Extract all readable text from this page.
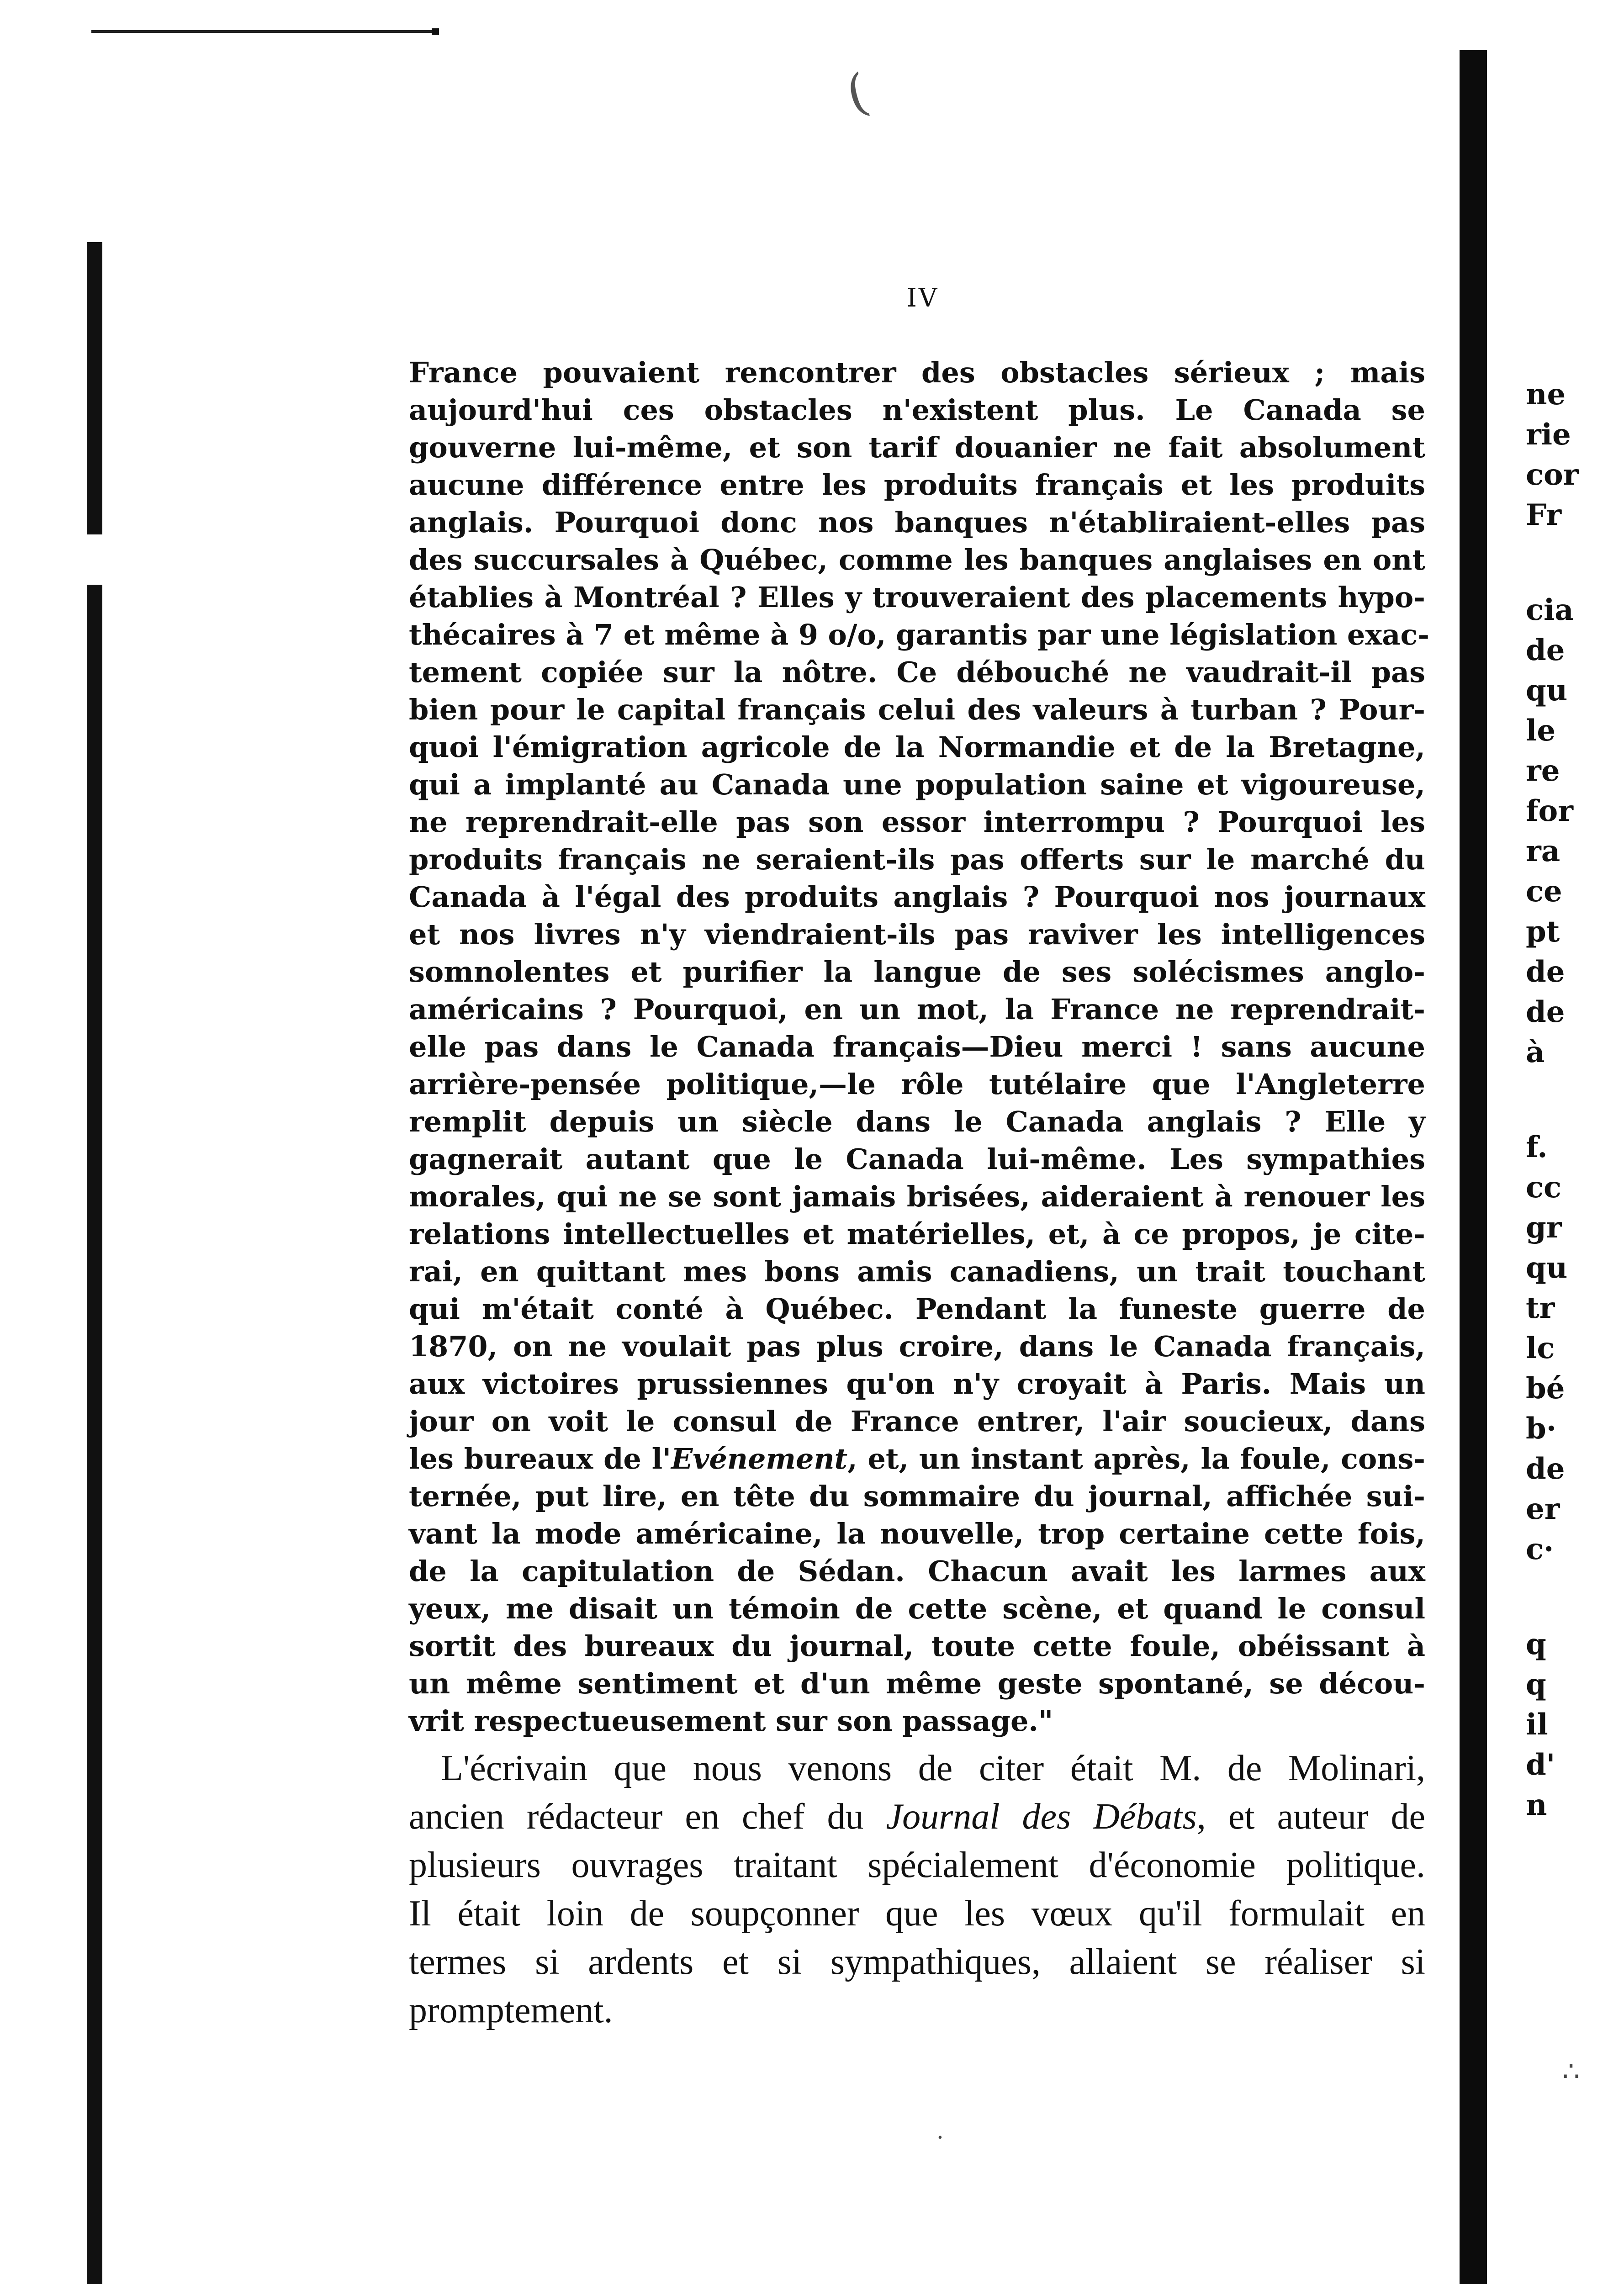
(
IV
France pouvaient rencontrer des obstacles sérieux ; mais
aujourd'hui ces obstacles n'existent plus. Le Canada se
gouverne lui-même, et son tarif douanier ne fait absolument
aucune différence entre les produits français et les produits
anglais. Pourquoi donc nos banques n'établiraient-elles pas
des succursales à Québec, comme les banques anglaises en ont
établies à Montréal ? Elles y trouveraient des placements hypo-
thécaires à 7 et même à 9 o/o, garantis par une législation exac-
tement copiée sur la nôtre. Ce débouché ne vaudrait-il pas
bien pour le capital français celui des valeurs à turban ? Pour-
quoi l'émigration agricole de la Normandie et de la Bretagne,
qui a implanté au Canada une population saine et vigoureuse,
ne reprendrait-elle pas son essor interrompu ? Pourquoi les
produits français ne seraient-ils pas offerts sur le marché du
Canada à l'égal des produits anglais ? Pourquoi nos journaux
et nos livres n'y viendraient-ils pas raviver les intelligences
somnolentes et purifier la langue de ses solécismes anglo-
américains ? Pourquoi, en un mot, la France ne reprendrait-
elle pas dans le Canada français—Dieu merci ! sans aucune
arrière-pensée politique,—le rôle tutélaire que l'Angleterre
remplit depuis un siècle dans le Canada anglais ? Elle y
gagnerait autant que le Canada lui-même. Les sympathies
morales, qui ne se sont jamais brisées, aideraient à renouer les
relations intellectuelles et matérielles, et, à ce propos, je cite-
rai, en quittant mes bons amis canadiens, un trait touchant
qui m'était conté à Québec. Pendant la funeste guerre de
1870, on ne voulait pas plus croire, dans le Canada français,
aux victoires prussiennes qu'on n'y croyait à Paris. Mais un
jour on voit le consul de France entrer, l'air soucieux, dans
les bureaux de l'Evénement, et, un instant après, la foule, cons-
ternée, put lire, en tête du sommaire du journal, affichée sui-
vant la mode américaine, la nouvelle, trop certaine cette fois,
de la capitulation de Sédan. Chacun avait les larmes aux
yeux, me disait un témoin de cette scène, et quand le consul
sortit des bureaux du journal, toute cette foule, obéissant à
un même sentiment et d'un même geste spontané, se décou-
vrit respectueusement sur son passage."
L'écrivain que nous venons de citer était M. de Molinari,
ancien rédacteur en chef du Journal des Débats, et auteur de
plusieurs ouvrages traitant spécialement d'économie politique.
Il était loin de soupçonner que les vœux qu'il formulait en
termes si ardents et si sympathiques, allaient se réaliser si
promptement.
ne
rie
cor
Fr
cia
de
qu
le
re
for
ra
ce
pt
de
de
à
f.
cc
gr
qu
tr
lc
bé
b·
de
er
c·
q
q
il
d'
n
·
∴
